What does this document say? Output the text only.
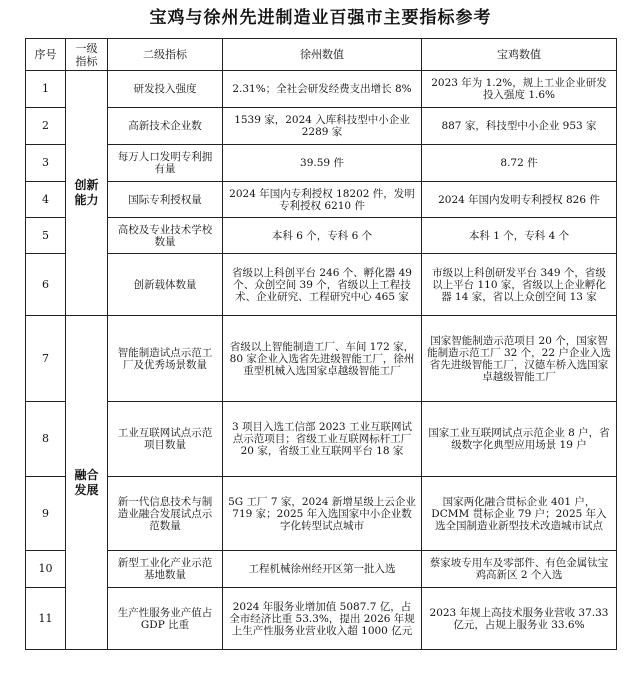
宝鸡与徐州先进制造业百强市主要指标参考
序号	一级指标	二级指标	徐州数值	宝鸡数值
1	创新能力	研发投入强度	2.31%；全社会研发经费支出增长 8%	2023 年为 1.2%，规上工业企业研发投入强度 1.6%
2		高新技术企业数	1539 家，2024 入库科技型中小企业 2289 家	887 家，科技型中小企业 953 家
3		每万人口发明专利拥有量	39.59 件	8.72 件
4		国际专利授权量	2024 年国内专利授权 18202 件，发明专利授权 6210 件	2024 年国内发明专利授权 826 件
5		高校及专业技术学校数量	本科 6 个，专科 6 个	本科 1 个，专科 4 个
6		创新载体数量	省级以上科创平台 246 个、孵化器 49 个、众创空间 39 个，省级以上工程技术、企业研究、工程研究中心 465 家	市级以上科创研发平台 349 个，省级以上平台 110 家，省级以上企业孵化器 14 家，省以上众创空间 13 家
7	融合发展	智能制造试点示范工厂及优秀场景数量	省级以上智能制造工厂、车间 172 家，80 家企业入选省先进级智能工厂，徐州重型机械入选国家卓越级智能工厂	国家智能制造示范项目 20 个，国家智能制造示范工厂 32 个，22 户企业入选省先进级智能工厂，汉德车桥入选国家卓越级智能工厂
8		工业互联网试点示范项目数量	3 项目入选工信部 2023 工业互联网试点示范项目；省级工业互联网标杆工厂 20 家，省级工业互联网平台 18 家	国家工业互联网试点示范企业 8 户，省级数字化典型应用场景 19 户
9		新一代信息技术与制造业融合发展试点示范数量	5G 工厂 7 家，2024 新增星级上云企业 719 家；2025 年入选国家中小企业数字化转型试点城市	国家两化融合贯标企业 401 户，DCMM 贯标企业 79 户；2025 年入选全国制造业新型技术改造城市试点
10		新型工业化产业示范基地数量	工程机械徐州经开区第一批入选	蔡家坡专用车及零部件、有色金属钛宝鸡高新区 2 个入选
11		生产性服务业产值占 GDP 比重	2024 年服务业增加值 5087.7 亿，占全市经济比重 53.3%，提出 2026 年规上生产性服务业营业收入超 1000 亿元	2023 年规上高技术服务业营收 37.33 亿元，占规上服务业 33.6%
